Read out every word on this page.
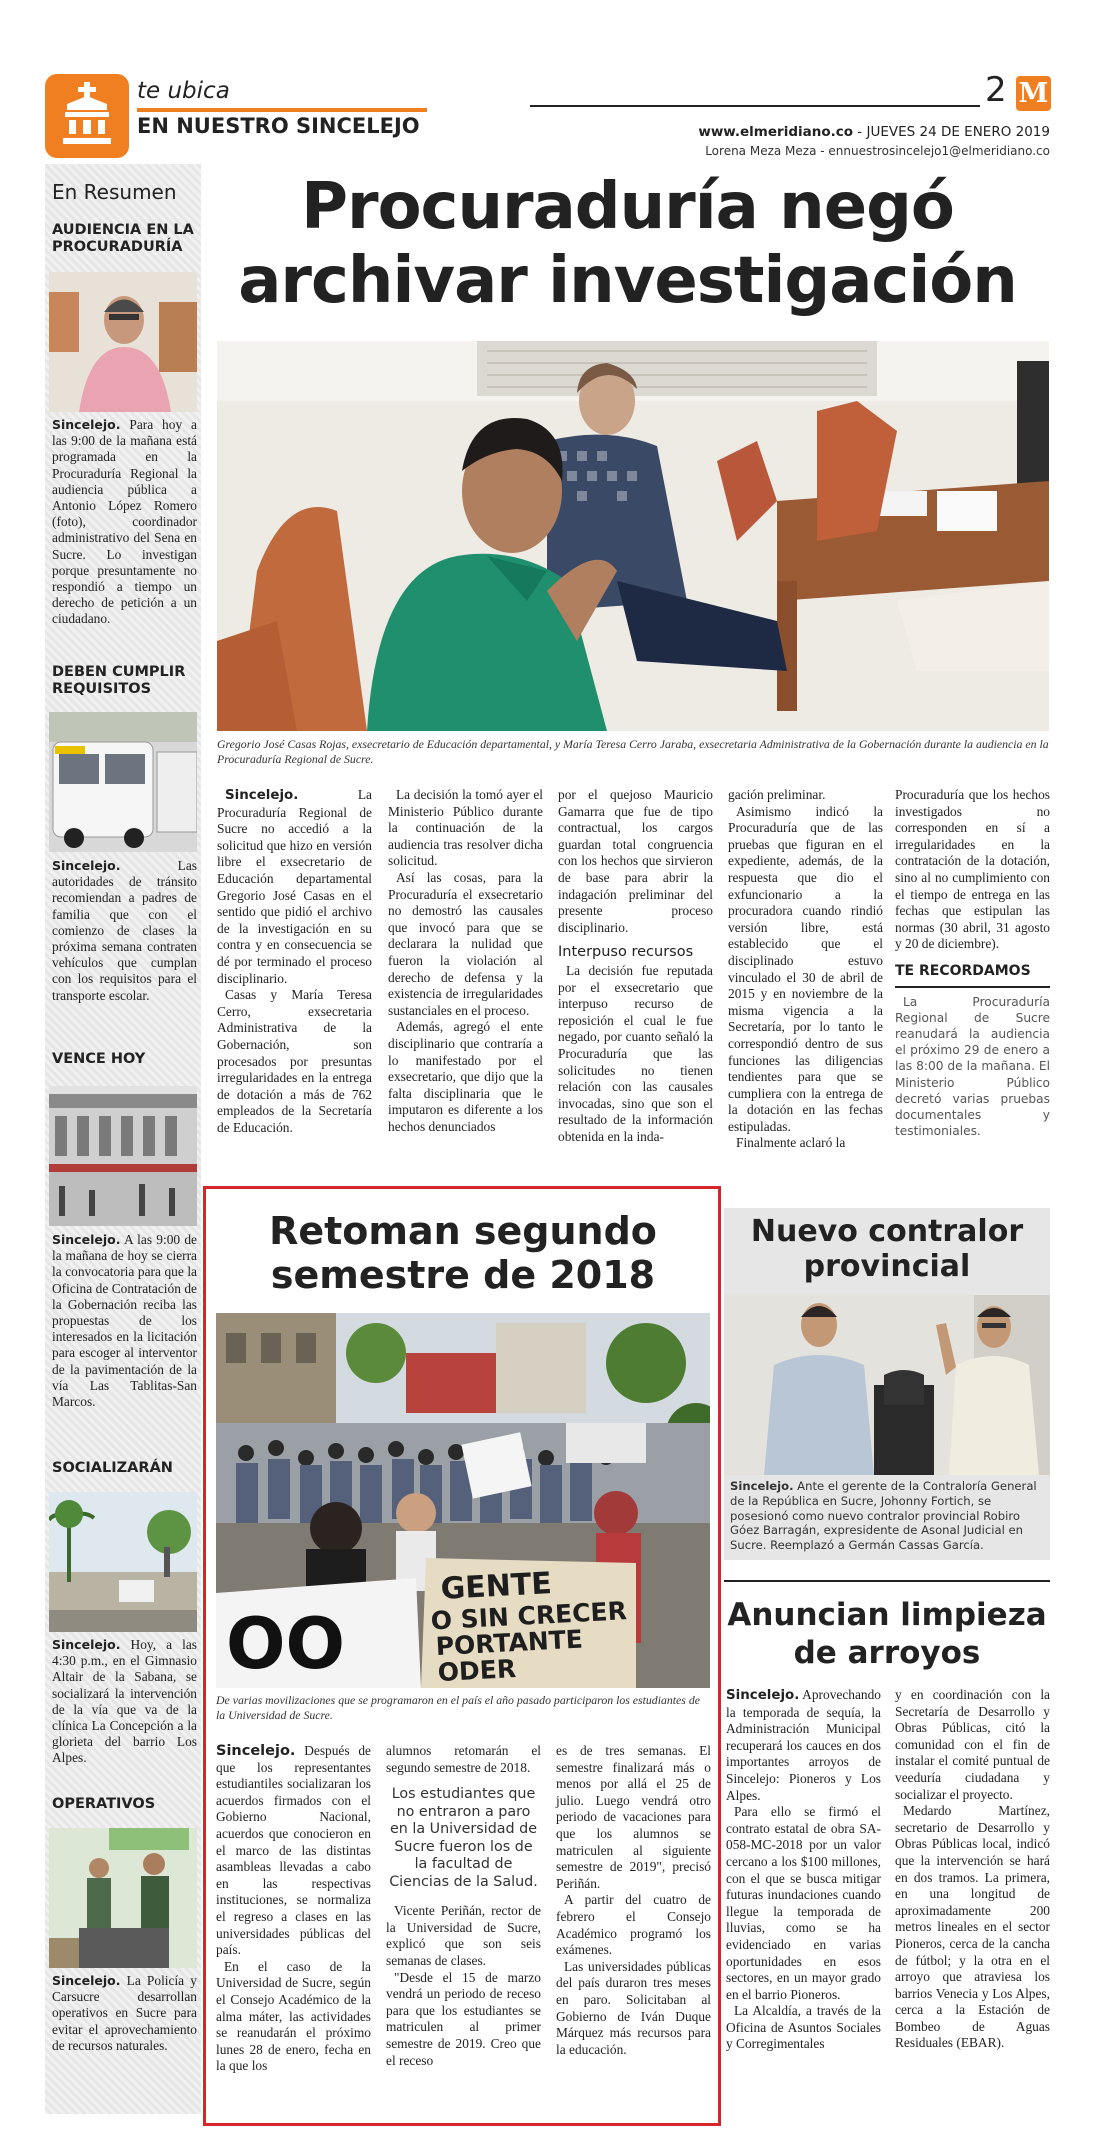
te ubica
EN NUESTRO SINCELEJO
2 M
www.elmeridiano.co - JUEVES 24 DE ENERO 2019
Lorena Meza Meza - ennuestrosincelejo1@elmeridiano.co
En Resumen
AUDIENCIA EN LA PROCURADURÍA
Sincelejo. Para hoy a las 9:00 de la mañana está programada en la Procuraduría Regional la audiencia pública a Antonio López Romero (foto), coordinador administrativo del Sena en Sucre. Lo investigan porque presuntamente no respondió a tiempo un derecho de petición a un ciudadano.
DEBEN CUMPLIR REQUISITOS
Sincelejo. Las autoridades de tránsito recomiendan a padres de familia que con el comienzo de clases la próxima semana contraten vehículos que cumplan con los requisitos para el transporte escolar.
VENCE HOY
Sincelejo. A las 9:00 de la mañana de hoy se cierra la convocatoria para que la Oficina de Contratación de la Gobernación reciba las propuestas de los interesados en la licitación para escoger al interventor de la pavimentación de la vía Las Tablitas-San Marcos.
SOCIALIZARÁN
Sincelejo. Hoy, a las 4:30 p.m., en el Gimnasio Altair de la Sabana, se socializará la intervención de la vía que va de la clínica La Concepción a la glorieta del barrio Los Alpes.
OPERATIVOS
Sincelejo. La Policía y Carsucre desarrollan operativos en Sucre para evitar el aprovechamiento de recursos naturales.
Procuraduría negó
archivar investigación
Gregorio José Casas Rojas, exsecretario de Educación departamental, y María Teresa Cerro Jaraba, exsecretaria Administrativa de la Gobernación durante la audiencia en la Procuraduría Regional de Sucre.

Sincelejo. La Procuraduría Regional de Sucre no accedió a la solicitud que hizo en versión libre el exsecretario de Educación departamental Gregorio José Casas en el sentido que pidió el archivo de la investigación en su contra y en consecuencia se dé por terminado el proceso disciplinario.

Casas y María Teresa Cerro, exsecretaria Administrativa de la Gobernación, son procesados por presuntas irregularidades en la entrega de dotación a más de 762 empleados de la Secretaría de Educación.

La decisión la tomó ayer el Ministerio Público durante la continuación de la audiencia tras resolver dicha solicitud.

Así las cosas, para la Procuraduría el exsecretario no demostró las causales que invocó para que se declarara la nulidad que fueron la violación al derecho de defensa y la existencia de irregularidades sustanciales en el proceso.

Además, agregó el ente disciplinario que contraría a lo manifestado por el exsecretario, que dijo que la falta disciplinaria que le imputaron es diferente a los hechos denunciados

por el quejoso Mauricio Gamarra que fue de tipo contractual, los cargos guardan total congruencia con los hechos que sirvieron de base para abrir la indagación preliminar del presente proceso disciplinario.

Interpuso recursos

La decisión fue reputada por el exsecretario que interpuso recurso de reposición el cual le fue negado, por cuanto señaló la Procuraduría que las solicitudes no tienen relación con las causales invocadas, sino que son el resultado de la información obtenida en la inda-

gación preliminar.

Asimismo indicó la Procuraduría que de las pruebas que figuran en el expediente, además, de la respuesta que dio el exfuncionario a la procuradora cuando rindió versión libre, está establecido que el disciplinado estuvo vinculado el 30 de abril de 2015 y en noviembre de la misma vigencia a la Secretaría, por lo tanto le correspondió dentro de sus funciones las diligencias tendientes para que se cumpliera con la entrega de la dotación en las fechas estipuladas.

Finalmente aclaró la

Procuraduría que los hechos investigados no corresponden en sí a irregularidades en la contratación de la dotación, sino al no cumplimiento con el tiempo de entrega en las fechas que estipulan las normas (30 abril, 31 agosto y 20 de diciembre).

TE RECORDAMOS

La Procuraduría Regional de Sucre reanudará la audiencia el próximo 29 de enero a las 8:00 de la mañana. El Ministerio Público decretó varias pruebas documentales y testimoniales.

Retoman segundo
semestre de 2018
OO
GENTE
O SIN CRECER
PORTANTE
ODER
De varias movilizaciones que se programaron en el país el año pasado participaron los estudiantes de la Universidad de Sucre.

Sincelejo. Después de que los representantes estudiantiles socializaran los acuerdos firmados con el Gobierno Nacional, acuerdos que conocieron en el marco de las distintas asambleas llevadas a cabo en las respectivas instituciones, se normaliza el regreso a clases en las universidades públicas del país.

En el caso de la Universidad de Sucre, según el Consejo Académico de la alma máter, las actividades se reanudarán el próximo lunes 28 de enero, fecha en la que los

alumnos retomarán el segundo semestre de 2018.

Los estudiantes que no entraron a paro en la Universidad de Sucre fueron los de la facultad de Ciencias de la Salud.

Vicente Periñán, rector de la Universidad de Sucre, explicó que son seis semanas de clases.

"Desde el 15 de marzo vendrá un periodo de receso para que los estudiantes se matriculen al primer semestre de 2019. Creo que el receso

es de tres semanas. El semestre finalizará más o menos por allá el 25 de julio. Luego vendrá otro periodo de vacaciones para que los alumnos se matriculen al siguiente semestre de 2019", precisó Periñán.

A partir del cuatro de febrero el Consejo Académico programó los exámenes.

Las universidades públicas del país duraron tres meses en paro. Solicitaban al Gobierno de Iván Duque Márquez más recursos para la educación.

Nuevo contralor
provincial
Sincelejo. Ante el gerente de la Contraloría General de la República en Sucre, Johonny Fortich, se posesionó como nuevo contralor provincial Robiro Góez Barragán, expresidente de Asonal Judicial en Sucre. Reemplazó a Germán Cassas García.
Anuncian limpieza
de arroyos

Sincelejo. Aprovechando la temporada de sequía, la Administración Municipal recuperará los cauces en dos importantes arroyos de Sincelejo: Pioneros y Los Alpes.

Para ello se firmó el contrato estatal de obra SA-058-MC-2018 por un valor cercano a los $100 millones, con el que se busca mitigar futuras inundaciones cuando llegue la temporada de lluvias, como se ha evidenciado en varias oportunidades en esos sectores, en un mayor grado en el barrio Pioneros.

La Alcaldía, a través de la Oficina de Asuntos Sociales y Corregimentales

y en coordinación con la Secretaría de Desarrollo y Obras Públicas, citó la comunidad con el fin de instalar el comité puntual de veeduría ciudadana y socializar el proyecto.

Medardo Martínez, secretario de Desarrollo y Obras Públicas local, indicó que la intervención se hará en dos tramos. La primera, en una longitud de aproximadamente 200 metros lineales en el sector Pioneros, cerca de la cancha de fútbol; y la otra en el arroyo que atraviesa los barrios Venecia y Los Alpes, cerca a la Estación de Bombeo de Aguas Residuales (EBAR).
